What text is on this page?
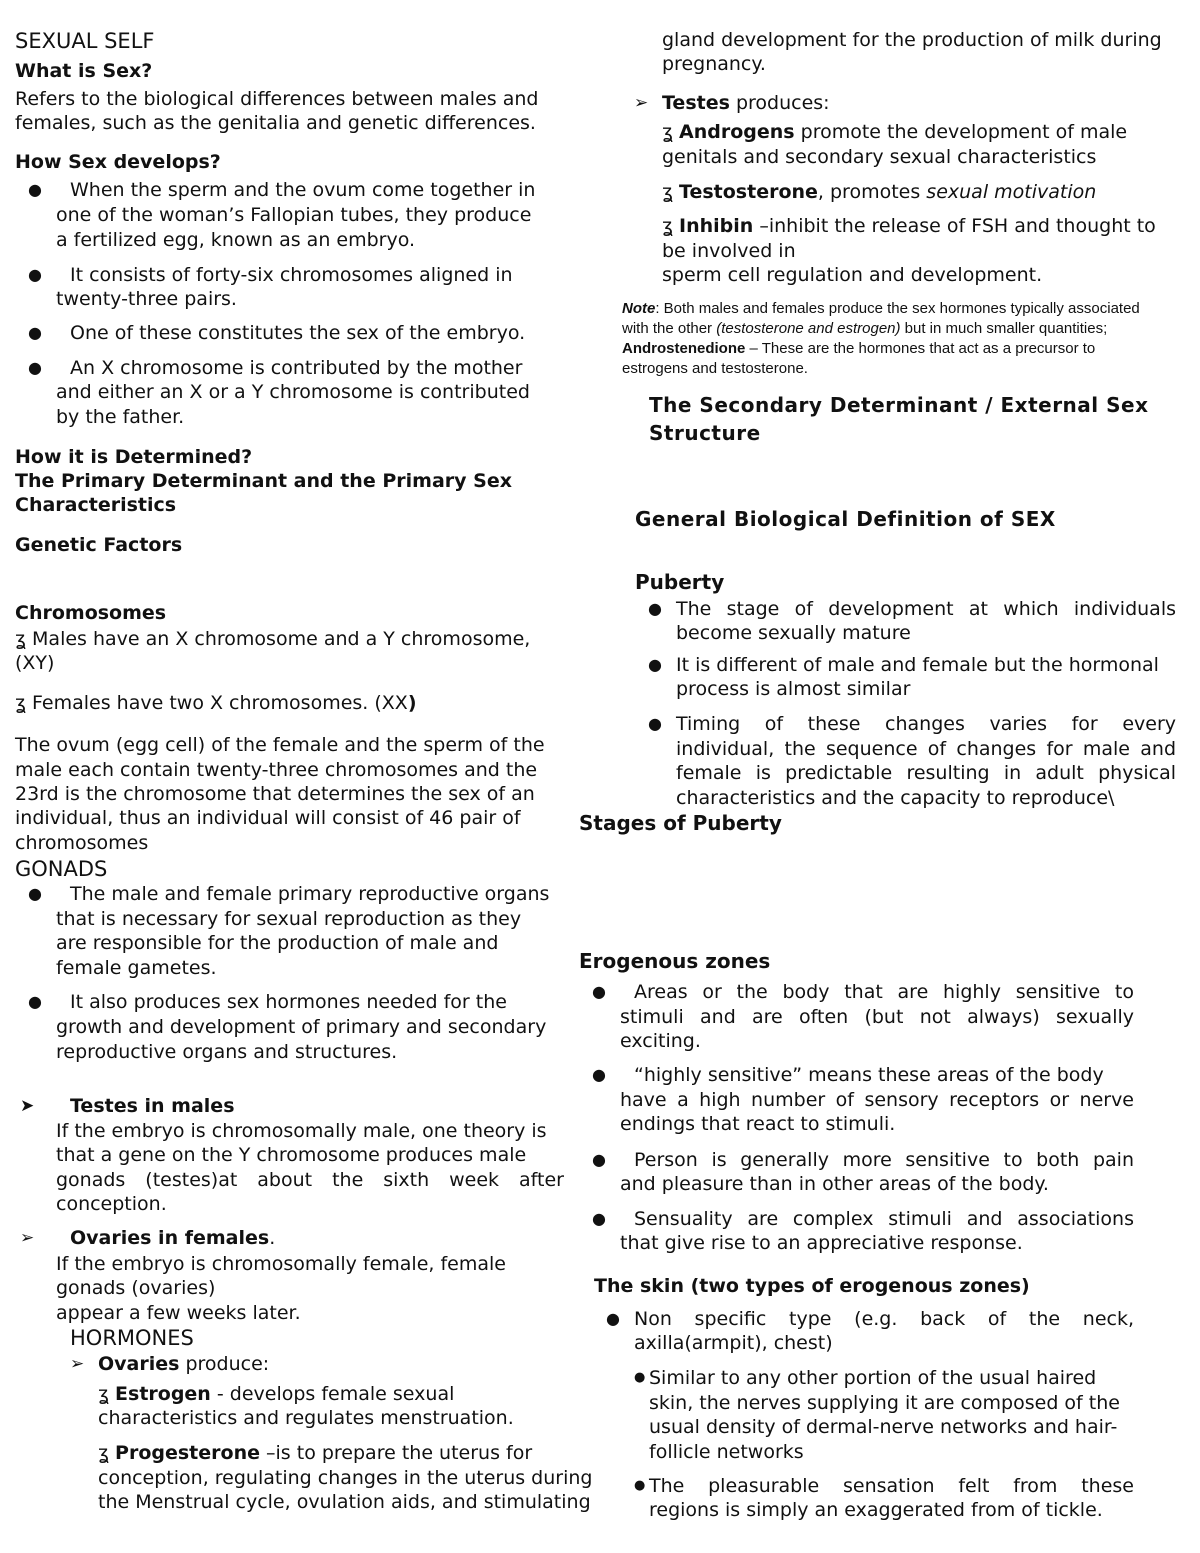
SEXUAL SELF
What is Sex?
Refers to the biological differences between males and
females, such as the genitalia and genetic differences.
How Sex develops?
● When the sperm and the ovum come together in
one of the woman’s Fallopian tubes, they produce
a fertilized egg, known as an embryo.
● It consists of forty-six chromosomes aligned in
twenty-three pairs.
● One of these constitutes the sex of the embryo.
● An X chromosome is contributed by the mother
and either an X or a Y chromosome is contributed
by the father.
How it is Determined?
The Primary Determinant and the Primary Sex
Characteristics
Genetic Factors
Chromosomes
ʓ Males have an X chromosome and a Y chromosome,
(XY)
ʓ Females have two X chromosomes. (XX)
The ovum (egg cell) of the female and the sperm of the
male each contain twenty-three chromosomes and the
23rd is the chromosome that determines the sex of an
individual, thus an individual will consist of 46 pair of
chromosomes
GONADS
● The male and female primary reproductive organs
that is necessary for sexual reproduction as they
are responsible for the production of male and
female gametes.
● It also produces sex hormones needed for the
growth and development of primary and secondary
reproductive organs and structures.
➤ Testes in males
If the embryo is chromosomally male, one theory is
that a gene on the Y chromosome produces male
gonads (testes)at about the sixth week after
conception.
➢ Ovaries in females.
If the embryo is chromosomally female, female
gonads (ovaries)
appear a few weeks later.
HORMONES
➢ Ovaries produce:
ʓ Estrogen - develops female sexual
characteristics and regulates menstruation.
ʓ Progesterone –is to prepare the uterus for
conception, regulating changes in the uterus during
the Menstrual cycle, ovulation aids, and stimulating
gland development for the production of milk during
pregnancy.
➢ Testes produces:
ʓ Androgens promote the development of male
genitals and secondary sexual characteristics
ʓ Testosterone, promotes sexual motivation
ʓ Inhibin –inhibit the release of FSH and thought to
be involved in
sperm cell regulation and development.
Note: Both males and females produce the sex hormones typically associated
with the other (testosterone and estrogen) but in much smaller quantities;
Androstenedione – These are the hormones that act as a precursor to
estrogens and testosterone.
The Secondary Determinant / External Sex
Structure
General Biological Definition of SEX
Puberty
● The stage of development at which individuals
become sexually mature
● It is different of male and female but the hormonal
process is almost similar
● Timing of these changes varies for every
individual, the sequence of changes for male and
female is predictable resulting in adult physical
characteristics and the capacity to reproduce\
Stages of Puberty
Erogenous zones
● Areas or the body that are highly sensitive to
stimuli and are often (but not always) sexually
exciting.
● “highly sensitive” means these areas of the body
have a high number of sensory receptors or nerve
endings that react to stimuli.
● Person is generally more sensitive to both pain
and pleasure than in other areas of the body.
● Sensuality are complex stimuli and associations
that give rise to an appreciative response.
The skin (two types of erogenous zones)
● Non specific type (e.g. back of the neck,
axilla(armpit), chest)
● Similar to any other portion of the usual haired
skin, the nerves supplying it are composed of the
usual density of dermal-nerve networks and hair-
follicle networks
● The pleasurable sensation felt from these
regions is simply an exaggerated from of tickle.
